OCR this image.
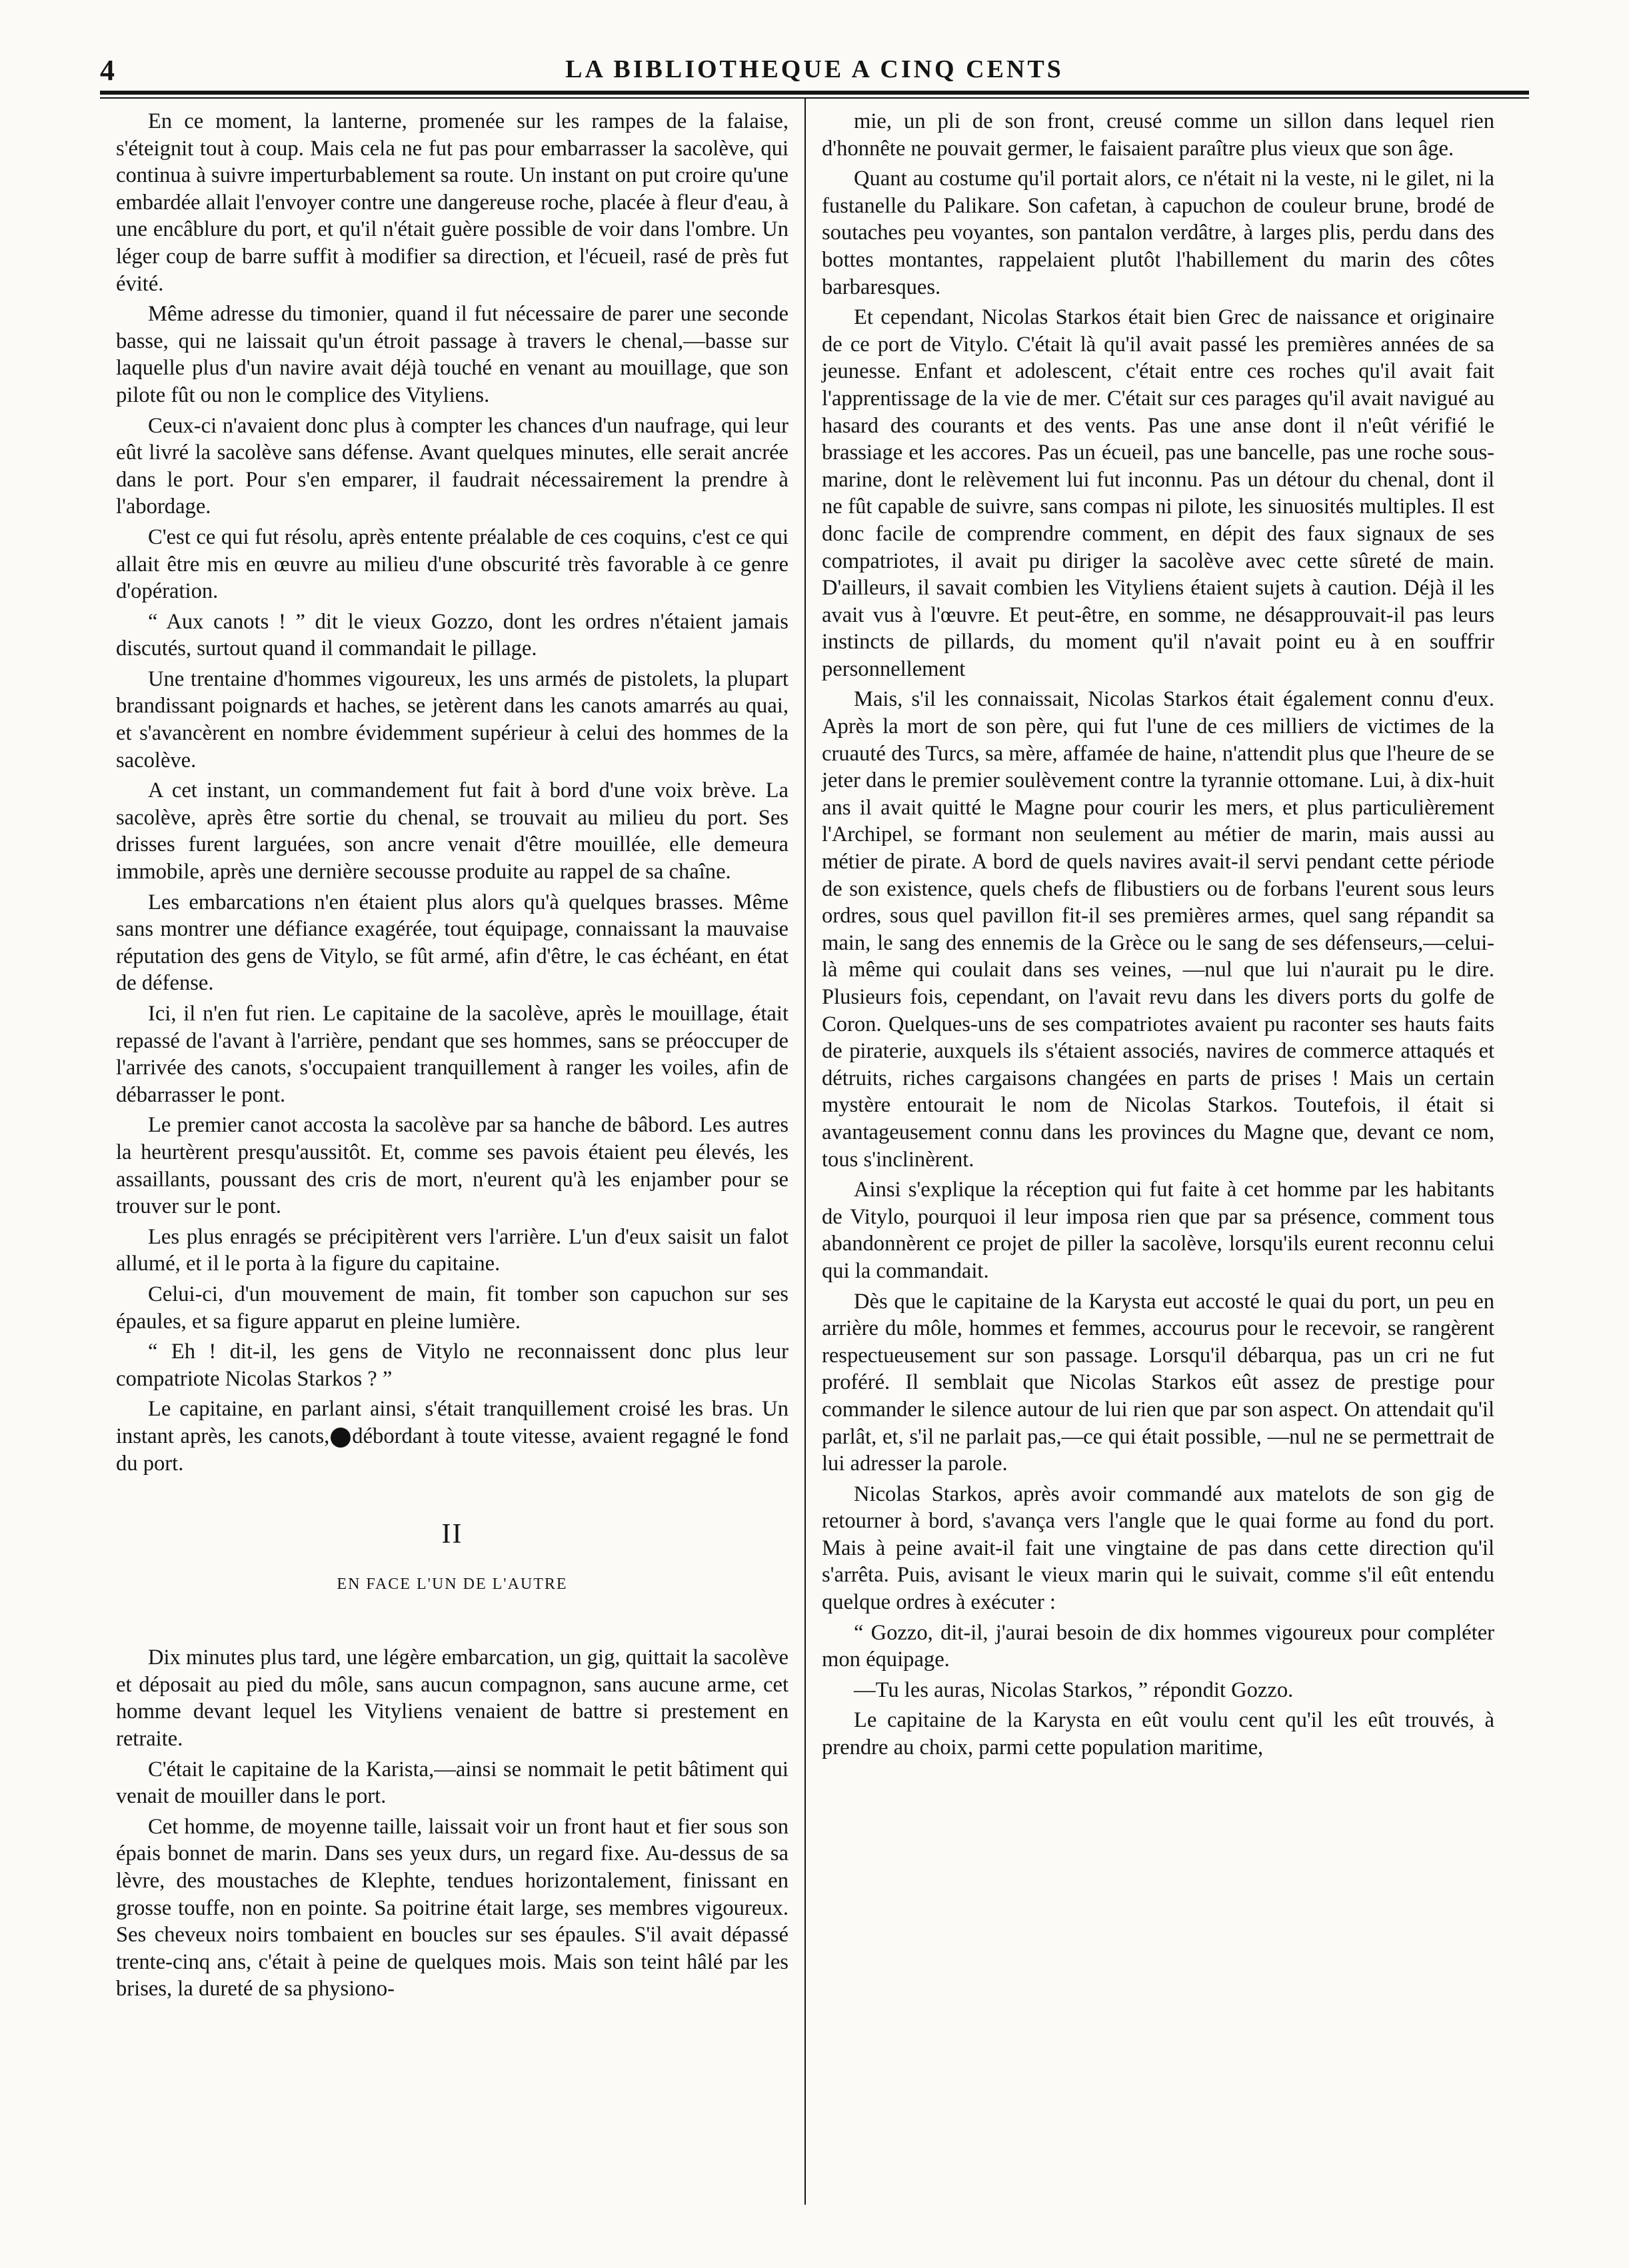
4	LA BIBLIOTHEQUE A CINQ CENTS

En ce moment, la lanterne, promenée sur les rampes de la falaise, s'éteignit tout à coup. Mais cela ne fut pas pour embarrasser la sacolève, qui continua à suivre imperturbablement sa route. Un instant on put croire qu'une embardée allait l'envoyer contre une dangereuse roche, placée à fleur d'eau, à une encâblure du port, et qu'il n'était guère possible de voir dans l'ombre. Un léger coup de barre suffit à modifier sa direction, et l'écueil, rasé de près fut évité.

Même adresse du timonier, quand il fut nécessaire de parer une seconde basse, qui ne laissait qu'un étroit passage à travers le chenal,—basse sur laquelle plus d'un navire avait déjà touché en venant au mouillage, que son pilote fût ou non le complice des Vityliens.

Ceux-ci n'avaient donc plus à compter les chances d'un naufrage, qui leur eût livré la sacolève sans défense. Avant quelques minutes, elle serait ancrée dans le port. Pour s'en emparer, il faudrait nécessairement la prendre à l'abordage.

C'est ce qui fut résolu, après entente préalable de ces coquins, c'est ce qui allait être mis en œuvre au milieu d'une obscurité très favorable à ce genre d'opération.

“ Aux canots ! ” dit le vieux Gozzo, dont les ordres n'étaient jamais discutés, surtout quand il commandait le pillage.

Une trentaine d'hommes vigoureux, les uns armés de pistolets, la plupart brandissant poignards et haches, se jetèrent dans les canots amarrés au quai, et s'avancèrent en nombre évidemment supérieur à celui des hommes de la sacolève.

A cet instant, un commandement fut fait à bord d'une voix brève. La sacolève, après être sortie du chenal, se trouvait au milieu du port. Ses drisses furent larguées, son ancre venait d'être mouillée, elle demeura immobile, après une dernière secousse produite au rappel de sa chaîne.

Les embarcations n'en étaient plus alors qu'à quelques brasses. Même sans montrer une défiance exagérée, tout équipage, connaissant la mauvaise réputation des gens de Vitylo, se fût armé, afin d'être, le cas échéant, en état de défense.

Ici, il n'en fut rien. Le capitaine de la sacolève, après le mouillage, était repassé de l'avant à l'arrière, pendant que ses hommes, sans se préoccuper de l'arrivée des canots, s'occupaient tranquillement à ranger les voiles, afin de débarrasser le pont.

Le premier canot accosta la sacolève par sa hanche de bâbord. Les autres la heurtèrent presqu'aussitôt. Et, comme ses pavois étaient peu élevés, les assaillants, poussant des cris de mort, n'eurent qu'à les enjamber pour se trouver sur le pont.

Les plus enragés se précipitèrent vers l'arrière. L'un d'eux saisit un falot allumé, et il le porta à la figure du capitaine.

Celui-ci, d'un mouvement de main, fit tomber son capuchon sur ses épaules, et sa figure apparut en pleine lumière.

“ Eh ! dit-il, les gens de Vitylo ne reconnaissent donc plus leur compatriote Nicolas Starkos ? ”

Le capitaine, en parlant ainsi, s'était tranquillement croisé les bras. Un instant après, les canots, débordant à toute vitesse, avaient regagné le fond du port.

II
EN FACE L'UN DE L'AUTRE

Dix minutes plus tard, une légère embarcation, un gig, quittait la sacolève et déposait au pied du môle, sans aucun compagnon, sans aucune arme, cet homme devant lequel les Vityliens venaient de battre si prestement en retraite.

C'était le capitaine de la Karista,—ainsi se nommait le petit bâtiment qui venait de mouiller dans le port.

Cet homme, de moyenne taille, laissait voir un front haut et fier sous son épais bonnet de marin. Dans ses yeux durs, un regard fixe. Au-dessus de sa lèvre, des moustaches de Klephte, tendues horizontalement, finissant en grosse touffe, non en pointe. Sa poitrine était large, ses membres vigoureux. Ses cheveux noirs tombaient en boucles sur ses épaules. S'il avait dépassé trente-cinq ans, c'était à peine de quelques mois. Mais son teint hâlé par les brises, la dureté de sa physiono-

mie, un pli de son front, creusé comme un sillon dans lequel rien d'honnête ne pouvait germer, le faisaient paraître plus vieux que son âge.

Quant au costume qu'il portait alors, ce n'était ni la veste, ni le gilet, ni la fustanelle du Palikare. Son cafetan, à capuchon de couleur brune, brodé de soutaches peu voyantes, son pantalon verdâtre, à larges plis, perdu dans des bottes montantes, rappelaient plutôt l'habillement du marin des côtes barbaresques.

Et cependant, Nicolas Starkos était bien Grec de naissance et originaire de ce port de Vitylo. C'était là qu'il avait passé les premières années de sa jeunesse. Enfant et adolescent, c'était entre ces roches qu'il avait fait l'apprentissage de la vie de mer. C'était sur ces parages qu'il avait navigué au hasard des courants et des vents. Pas une anse dont il n'eût vérifié le brassiage et les accores. Pas un écueil, pas une bancelle, pas une roche sous-marine, dont le relèvement lui fut inconnu. Pas un détour du chenal, dont il ne fût capable de suivre, sans compas ni pilote, les sinuosités multiples. Il est donc facile de comprendre comment, en dépit des faux signaux de ses compatriotes, il avait pu diriger la sacolève avec cette sûreté de main. D'ailleurs, il savait combien les Vityliens étaient sujets à caution. Déjà il les avait vus à l'œuvre. Et peut-être, en somme, ne désapprouvait-il pas leurs instincts de pillards, du moment qu'il n'avait point eu à en souffrir personnellement

Mais, s'il les connaissait, Nicolas Starkos était également connu d'eux. Après la mort de son père, qui fut l'une de ces milliers de victimes de la cruauté des Turcs, sa mère, affamée de haine, n'attendit plus que l'heure de se jeter dans le premier soulèvement contre la tyrannie ottomane. Lui, à dix-huit ans il avait quitté le Magne pour courir les mers, et plus particulièrement l'Archipel, se formant non seulement au métier de marin, mais aussi au métier de pirate. A bord de quels navires avait-il servi pendant cette période de son existence, quels chefs de flibustiers ou de forbans l'eurent sous leurs ordres, sous quel pavillon fit-il ses premières armes, quel sang répandit sa main, le sang des ennemis de la Grèce ou le sang de ses défenseurs,—celui-là même qui coulait dans ses veines, —nul que lui n'aurait pu le dire. Plusieurs fois, cependant, on l'avait revu dans les divers ports du golfe de Coron. Quelques-uns de ses compatriotes avaient pu raconter ses hauts faits de piraterie, auxquels ils s'étaient associés, navires de commerce attaqués et détruits, riches cargaisons changées en parts de prises ! Mais un certain mystère entourait le nom de Nicolas Starkos. Toutefois, il était si avantageusement connu dans les provinces du Magne que, devant ce nom, tous s'inclinèrent.

Ainsi s'explique la réception qui fut faite à cet homme par les habitants de Vitylo, pourquoi il leur imposa rien que par sa présence, comment tous abandonnèrent ce projet de piller la sacolève, lorsqu'ils eurent reconnu celui qui la commandait.

Dès que le capitaine de la Karysta eut accosté le quai du port, un peu en arrière du môle, hommes et femmes, accourus pour le recevoir, se rangèrent respectueusement sur son passage. Lorsqu'il débarqua, pas un cri ne fut proféré. Il semblait que Nicolas Starkos eût assez de prestige pour commander le silence autour de lui rien que par son aspect. On attendait qu'il parlât, et, s'il ne parlait pas,—ce qui était possible, —nul ne se permettrait de lui adresser la parole.

Nicolas Starkos, après avoir commandé aux matelots de son gig de retourner à bord, s'avança vers l'angle que le quai forme au fond du port. Mais à peine avait-il fait une vingtaine de pas dans cette direction qu'il s'arrêta. Puis, avisant le vieux marin qui le suivait, comme s'il eût entendu quelque ordres à exécuter :

“ Gozzo, dit-il, j'aurai besoin de dix hommes vigoureux pour compléter mon équipage.

—Tu les auras, Nicolas Starkos, ” répondit Gozzo.

Le capitaine de la Karysta en eût voulu cent qu'il les eût trouvés, à prendre au choix, parmi cette population maritime,
